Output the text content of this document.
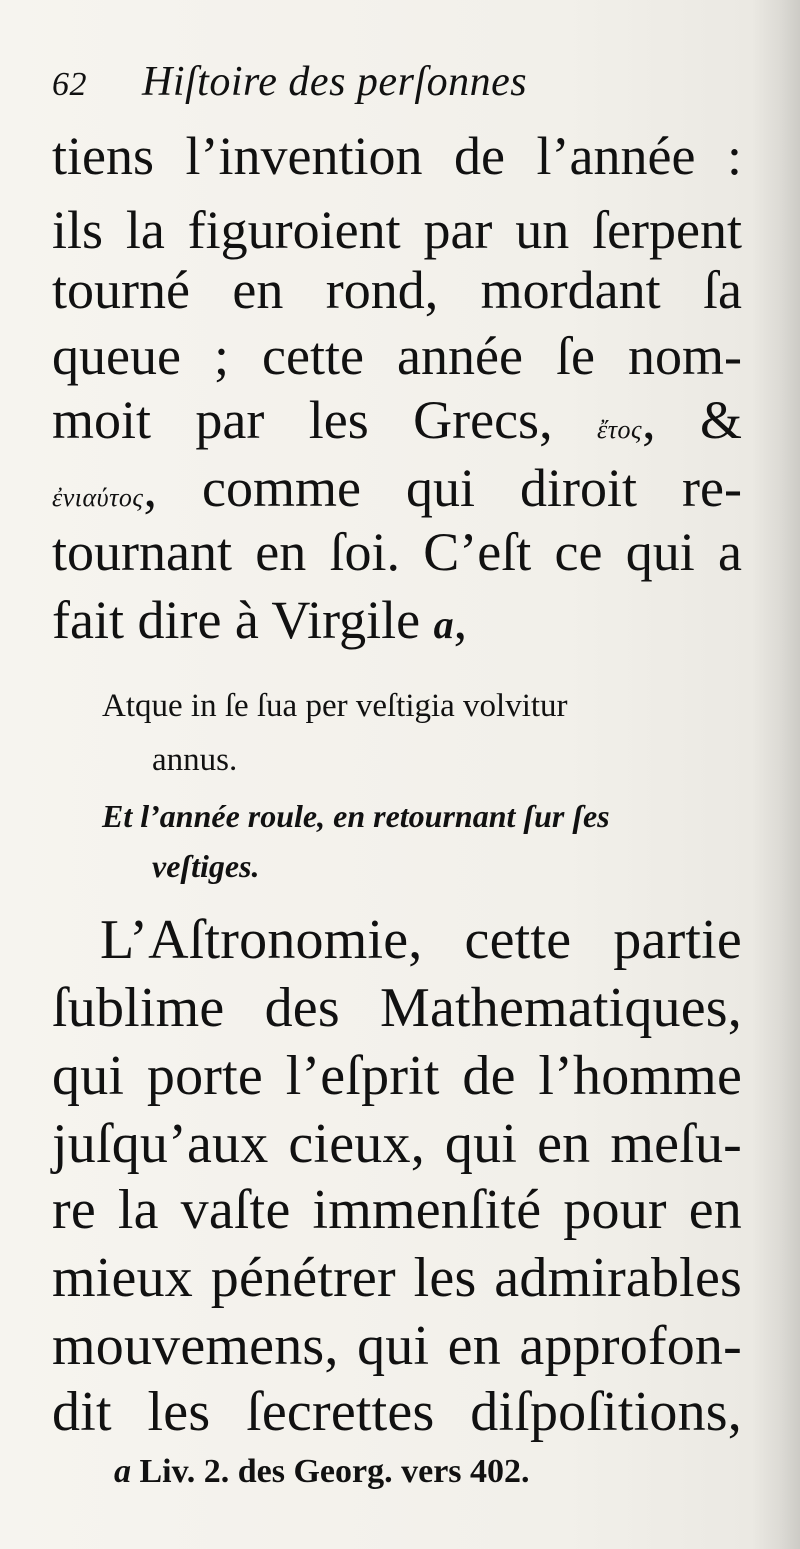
62	Hiſtoire des perſonnes
tiens l’invention de l’année :
ils la figuroient par un ſerpent
tourné en rond, mordant ſa
queue ; cette année ſe nom-
moit par les Grecs, ἔτος, &
ἐνιαύτος, comme qui diroit re-
tournant en ſoi. C’eſt ce qui a
fait dire à Virgile a,
Atque in ſe ſua per veſtigia volvitur
annus.
Et l’année roule, en retournant ſur ſes
veſtiges.
L’Aſtronomie, cette partie
ſublime des Mathematiques,
qui porte l’eſprit de l’homme
juſqu’aux cieux, qui en meſu-
re la vaſte immenſité pour en
mieux pénétrer les admirables
mouvemens, qui en approfon-
dit les ſecrettes diſpoſitions,
a Liv. 2. des Georg. vers 402.
